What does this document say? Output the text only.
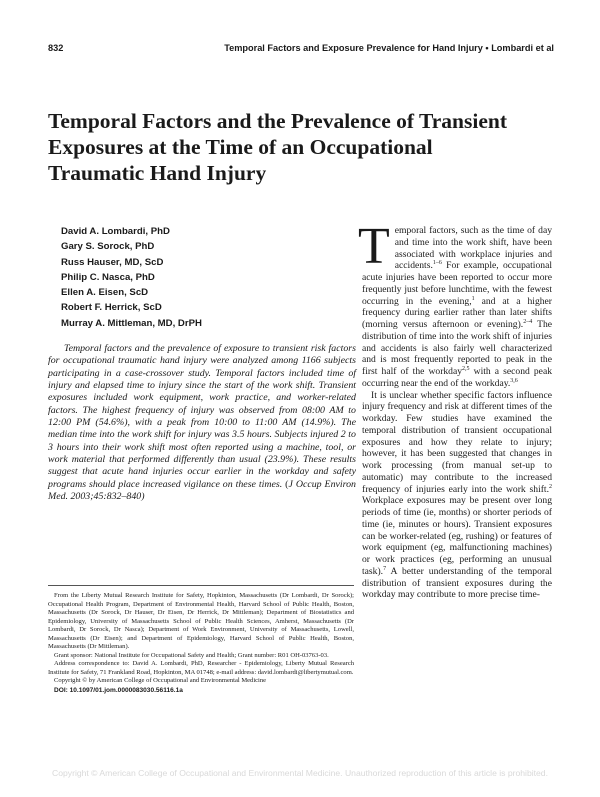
832	Temporal Factors and Exposure Prevalence for Hand Injury • Lombardi et al
Temporal Factors and the Prevalence of Transient Exposures at the Time of an Occupational Traumatic Hand Injury
David A. Lombardi, PhD
Gary S. Sorock, PhD
Russ Hauser, MD, ScD
Philip C. Nasca, PhD
Ellen A. Eisen, ScD
Robert F. Herrick, ScD
Murray A. Mittleman, MD, DrPH

Temporal factors and the prevalence of exposure to transient risk factors for occupational traumatic hand injury were analyzed among 1166 subjects participating in a case-crossover study. Temporal factors included time of injury and elapsed time to injury since the start of the work shift. Transient exposures included work equipment, work practice, and worker-related factors. The highest frequency of injury was observed from 08:00 AM to 12:00 PM (54.6%), with a peak from 10:00 to 11:00 AM (14.9%). The median time into the work shift for injury was 3.5 hours. Subjects injured 2 to 3 hours into their work shift most often reported using a machine, tool, or work material that performed differently than usual (23.9%). These results suggest that acute hand injuries occur earlier in the workday and safety programs should place increased vigilance on these times. (J Occup Environ Med. 2003;45:832–840)

From the Liberty Mutual Research Institute for Safety, Hopkinton, Massachusetts (Dr Lombardi, Dr Sorock); Occupational Health Program, Department of Environmental Health, Harvard School of Public Health, Boston, Massachusetts (Dr Sorock, Dr Hauser, Dr Eisen, Dr Herrick, Dr Mittleman); Department of Biostatistics and Epidemiology, University of Massachusetts School of Public Health Sciences, Amherst, Massachusetts (Dr Lombardi, Dr Sorock, Dr Nasca); Department of Work Environment, University of Massachusetts, Lowell, Massachusetts (Dr Eisen); and Department of Epidemiology, Harvard School of Public Health, Boston, Massachusetts (Dr Mittleman).

Grant sponsor: National Institute for Occupational Safety and Health; Grant number: R01 OH-03763-03.

Address correspondence to: David A. Lombardi, PhD, Researcher - Epidemiology, Liberty Mutual Research Institute for Safety, 71 Frankland Road, Hopkinton, MA 01748; e-mail address: david.lombardi@libertymutual.com.

Copyright © by American College of Occupational and Environmental Medicine

DOI: 10.1097/01.jom.0000083030.56116.1a

Temporal factors, such as the time of day and time into the work shift, have been associated with workplace injuries and accidents.$^{1-6}$ For example, occupational acute injuries have been reported to occur more frequently just before lunchtime, with the fewest occurring in the evening,$^1$ and at a higher frequency during earlier rather than later shifts (morning versus afternoon or evening).$^{2-4}$ The distribution of time into the work shift of injuries and accidents is also fairly well characterized and is most frequently reported to peak in the first half of the workday$^{2,5}$ with a second peak occurring near the end of the workday.$^{3,6}$

It is unclear whether specific factors influence injury frequency and risk at different times of the workday. Few studies have examined the temporal distribution of transient occupational exposures and how they relate to injury; however, it has been suggested that changes in work processing (from manual set-up to automatic) may contribute to the increased frequency of injuries early into the work shift.$^2$ Workplace exposures may be present over long periods of time (ie, months) or shorter periods of time (ie, minutes or hours). Transient exposures can be worker-related (eg, rushing) or features of work equipment (eg, malfunctioning machines) or work practices (eg, performing an unusual task).$^7$ A better understanding of the temporal distribution of transient exposures during the workday may contribute to more precise time-

Copyright © American College of Occupational and Environmental Medicine. Unauthorized reproduction of this article is prohibited.
